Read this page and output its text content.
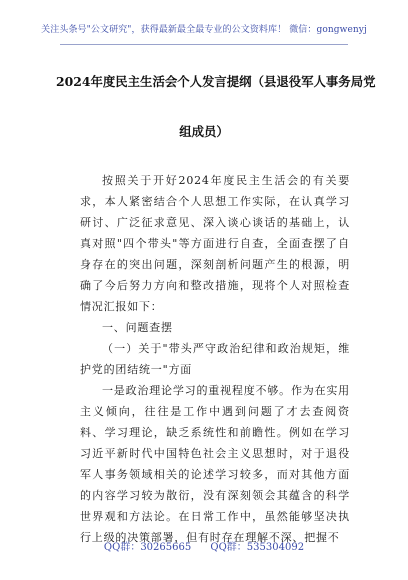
关注头条号"公文研究"，获得最新最全最专业的公文资料库！ 微信：gongwenyj
2024年度民主生活会个人发言提纲（县退役军人事务局党
组成员）

按照关于开好2024年度民主生活会的有关要求，本人紧密结合个人思想工作实际，在认真学习研讨、广泛征求意见、深入谈心谈话的基础上，认真对照"四个带头"等方面进行自查，全面查摆了自身存在的突出问题，深刻剖析问题产生的根源，明确了今后努力方向和整改措施，现将个人对照检查情况汇报如下：

一、问题查摆

（一）关于"带头严守政治纪律和政治规矩，维护党的团结统一"方面

一是政治理论学习的重视程度不够。作为在实用主义倾向，往往是工作中遇到问题了才去查阅资料、学习理论，缺乏系统性和前瞻性。例如在学习习近平新时代中国特色社会主义思想时，对于退役军人事务领域相关的论述学习较多，而对其他方面的内容学习较为散衍，没有深刻领会其蕴含的科学世界观和方法论。在日常工作中，虽然能够坚决执行上级的决策部署，但有时存在理解不深、把握不

QQ群：30265665 QQ群：535304092
